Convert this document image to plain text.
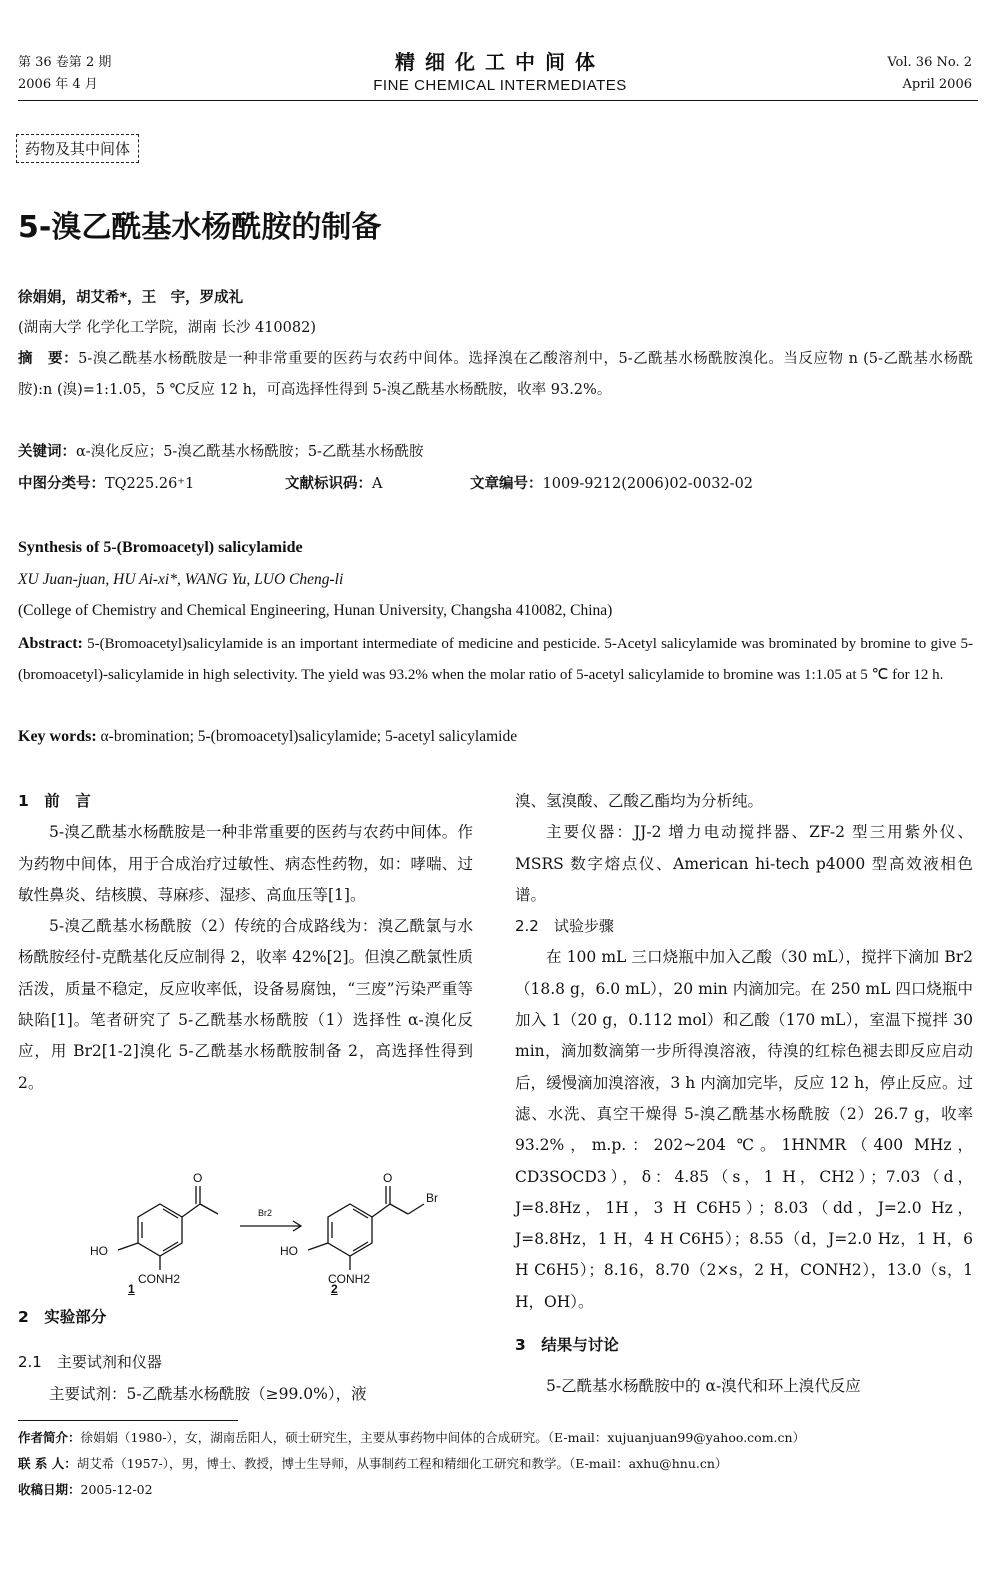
第 36 卷第 2 期
2006 年 4 月
精细化工中间体
FINE CHEMICAL INTERMEDIATES
Vol. 36 No. 2
April 2006
药物及其中间体
5-溴乙酰基水杨酰胺的制备
徐娟娟，胡艾希*，王　宇，罗成礼
(湖南大学 化学化工学院，湖南 长沙 410082)
摘　要：5-溴乙酰基水杨酰胺是一种非常重要的医药与农药中间体。选择溴在乙酸溶剂中，5-乙酰基水杨酰胺溴化。当反应物 n (5-乙酰基水杨酰胺):n (溴)=1:1.05，5 ℃反应 12 h，可高选择性得到 5-溴乙酰基水杨酰胺，收率 93.2%。
关键词：α-溴化反应；5-溴乙酰基水杨酰胺；5-乙酰基水杨酰胺
中图分类号：TQ225.26⁺1	文献标识码：A	文章编号：1009-9212(2006)02-0032-02
Synthesis of 5-(Bromoacetyl) salicylamide
XU Juan-juan, HU Ai-xi*, WANG Yu, LUO Cheng-li
(College of Chemistry and Chemical Engineering, Hunan University, Changsha 410082, China)
Abstract: 5-(Bromoacetyl)salicylamide is an important intermediate of medicine and pesticide. 5-Acetyl salicylamide was brominated by bromine to give 5-(bromoacetyl)-salicylamide in high selectivity. The yield was 93.2% when the molar ratio of 5-acetyl salicylamide to bromine was 1:1.05 at 5 ℃ for 12 h.
Key words: α-bromination; 5-(bromoacetyl)salicylamide; 5-acetyl salicylamide
1　前　言
5-溴乙酰基水杨酰胺是一种非常重要的医药与农药中间体。作为药物中间体，用于合成治疗过敏性、病态性药物，如：哮喘、过敏性鼻炎、结核膜、荨麻疹、湿疹、高血压等[1]。
5-溴乙酰基水杨酰胺（2）传统的合成路线为：溴乙酰氯与水杨酰胺经付-克酰基化反应制得 2，收率 42%[2]。但溴乙酰氯性质活泼，质量不稳定，反应收率低，设备易腐蚀，“三废”污染严重等缺陷[1]。笔者研究了 5-乙酰基水杨酰胺（1）选择性 α-溴化反应，用 Br2[1-2]溴化 5-乙酰基水杨酰胺制备 2，高选择性得到 2。
O
HO
CONH2
Br2
O
Br
HO
CONH2
1	2
2　实验部分
2.1　主要试剂和仪器
主要试剂：5-乙酰基水杨酰胺（≥99.0%），液
溴、氢溴酸、乙酸乙酯均为分析纯。
主要仪器：JJ-2 增力电动搅拌器、ZF-2 型三用紫外仪、MSRS 数字熔点仪、American hi-tech p4000 型高效液相色谱。
2.2　试验步骤
在 100 mL 三口烧瓶中加入乙酸（30 mL），搅拌下滴加 Br2（18.8 g，6.0 mL），20 min 内滴加完。在 250 mL 四口烧瓶中加入 1（20 g，0.112 mol）和乙酸（170 mL），室温下搅拌 30 min，滴加数滴第一步所得溴溶液，待溴的红棕色褪去即反应启动后，缓慢滴加溴溶液，3 h 内滴加完毕，反应 12 h，停止反应。过滤、水洗、真空干燥得 5-溴乙酰基水杨酰胺（2）26.7 g，收率 93.2%，m.p.：202~204 ℃。1HNMR（400 MHz，CD3SOCD3），δ：4.85（s，1 H，CH2）；7.03（d，J=8.8Hz，1H，3 H C6H5）；8.03（dd，J=2.0 Hz，J=8.8Hz，1 H，4 H C6H5）；8.55（d，J=2.0 Hz，1 H，6 H C6H5）；8.16，8.70（2×s，2 H，CONH2），13.0（s，1 H，OH）。
3　结果与讨论
5-乙酰基水杨酰胺中的 α-溴代和环上溴代反应
作者简介：徐娟娟（1980-），女，湖南岳阳人，硕士研究生，主要从事药物中间体的合成研究。（E-mail：xujuanjuan99@yahoo.com.cn）
联 系 人：胡艾希（1957-），男，博士、教授，博士生导师，从事制药工程和精细化工研究和教学。（E-mail：axhu@hnu.cn）
收稿日期：2005-12-02
